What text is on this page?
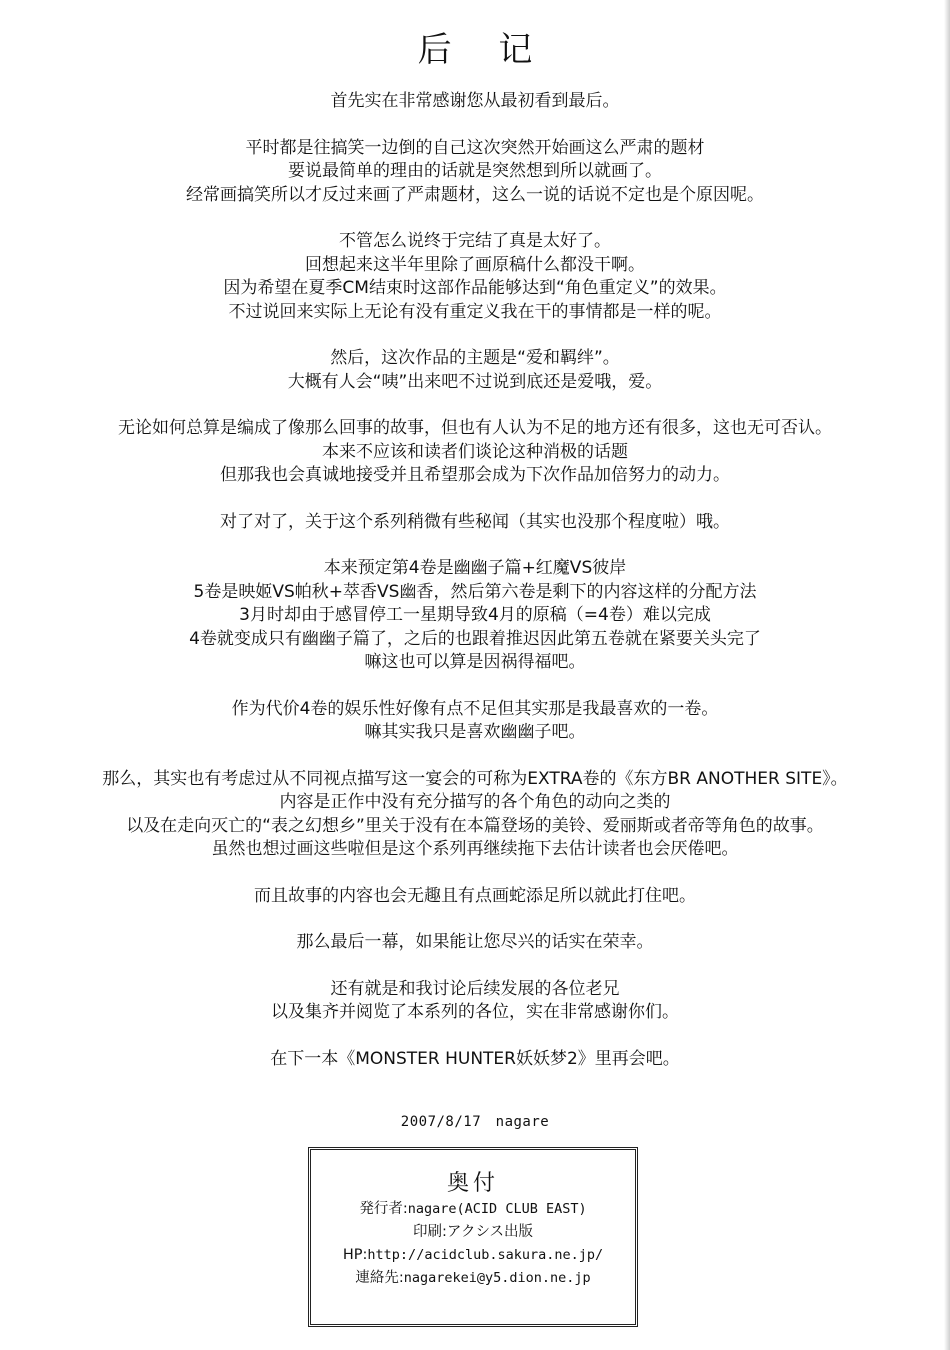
后 记
首先实在非常感谢您从最初看到最后。
平时都是往搞笑一边倒的自己这次突然开始画这么严肃的题材
要说最简单的理由的话就是突然想到所以就画了。
经常画搞笑所以才反过来画了严肃题材，这么一说的话说不定也是个原因呢。
不管怎么说终于完结了真是太好了。
回想起来这半年里除了画原稿什么都没干啊。
因为希望在夏季CM结束时这部作品能够达到“角色重定义”的效果。
不过说回来实际上无论有没有重定义我在干的事情都是一样的呢。
然后，这次作品的主题是“爱和羁绊”。
大概有人会“咦”出来吧不过说到底还是爱哦，爱。
无论如何总算是编成了像那么回事的故事，但也有人认为不足的地方还有很多，这也无可否认。
本来不应该和读者们谈论这种消极的话题
但那我也会真诚地接受并且希望那会成为下次作品加倍努力的动力。
对了对了，关于这个系列稍微有些秘闻（其实也没那个程度啦）哦。
本来预定第4卷是幽幽子篇+红魔VS彼岸
5卷是映姬VS帕秋+萃香VS幽香，然后第六卷是剩下的内容这样的分配方法
3月时却由于感冒停工一星期导致4月的原稿（=4卷）难以完成
4卷就变成只有幽幽子篇了，之后的也跟着推迟因此第五卷就在紧要关头完了
嘛这也可以算是因祸得福吧。
作为代价4卷的娱乐性好像有点不足但其实那是我最喜欢的一卷。
嘛其实我只是喜欢幽幽子吧。
那么，其实也有考虑过从不同视点描写这一宴会的可称为EXTRA卷的《东方BR ANOTHER SITE》。
内容是正作中没有充分描写的各个角色的动向之类的
以及在走向灭亡的“表之幻想乡”里关于没有在本篇登场的美铃、爱丽斯或者帝等角色的故事。
虽然也想过画这些啦但是这个系列再继续拖下去估计读者也会厌倦吧。
而且故事的内容也会无趣且有点画蛇添足所以就此打住吧。
那么最后一幕，如果能让您尽兴的话实在荣幸。
还有就是和我讨论后续发展的各位老兄
以及集齐并阅览了本系列的各位，实在非常感谢你们。
在下一本《MONSTER HUNTER妖妖梦2》里再会吧。
2007/8/17　nagare
奥付
発行者:nagare(ACID CLUB EAST)
印刷:アクシス出版
HP:http://acidclub.sakura.ne.jp/
連絡先:nagarekei@y5.dion.ne.jp
